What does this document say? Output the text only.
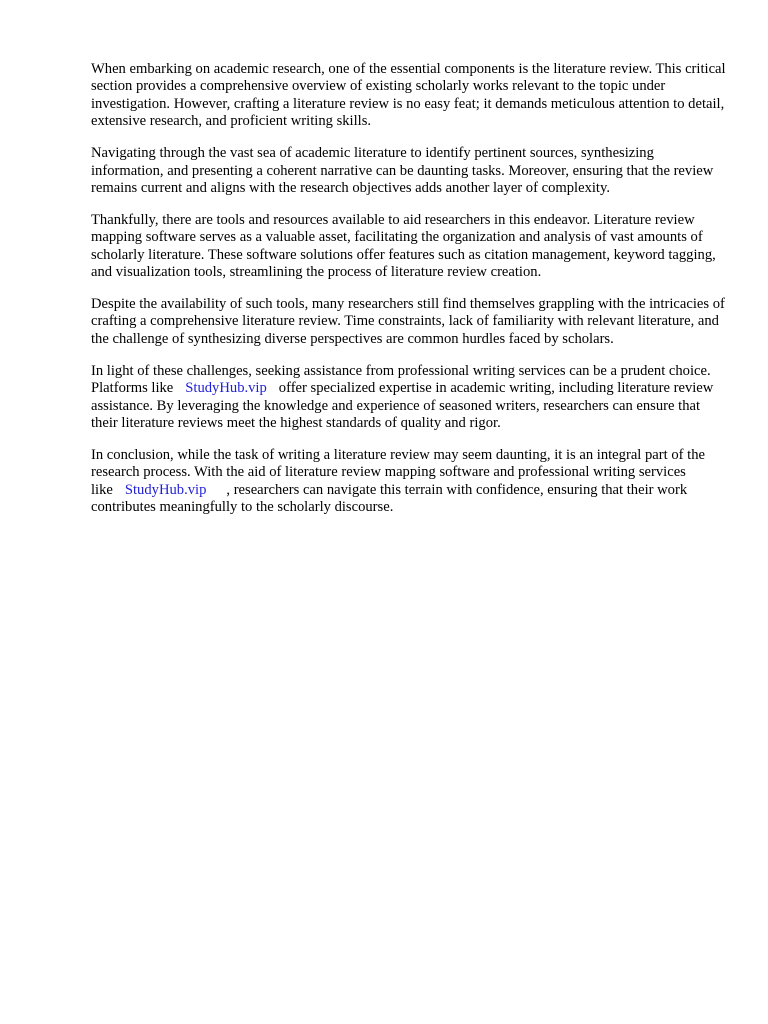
When embarking on academic research, one of the essential components is the literature review. This critical section provides a comprehensive overview of existing scholarly works relevant to the topic under investigation. However, crafting a literature review is no easy feat; it demands meticulous attention to detail, extensive research, and proficient writing skills.

Navigating through the vast sea of academic literature to identify pertinent sources, synthesizing information, and presenting a coherent narrative can be daunting tasks. Moreover, ensuring that the review remains current and aligns with the research objectives adds another layer of complexity.

Thankfully, there are tools and resources available to aid researchers in this endeavor. Literature review mapping software serves as a valuable asset, facilitating the organization and analysis of vast amounts of scholarly literature. These software solutions offer features such as citation management, keyword tagging, and visualization tools, streamlining the process of literature review creation.

Despite the availability of such tools, many researchers still find themselves grappling with the intricacies of crafting a comprehensive literature review. Time constraints, lack of familiarity with relevant literature, and the challenge of synthesizing diverse perspectives are common hurdles faced by scholars.

In light of these challenges, seeking assistance from professional writing services can be a prudent choice. Platforms like StudyHub.vip offer specialized expertise in academic writing, including literature review assistance. By leveraging the knowledge and experience of seasoned writers, researchers can ensure that their literature reviews meet the highest standards of quality and rigor.

In conclusion, while the task of writing a literature review may seem daunting, it is an integral part of the research process. With the aid of literature review mapping software and professional writing services like StudyHub.vip , researchers can navigate this terrain with confidence, ensuring that their work contributes meaningfully to the scholarly discourse.
